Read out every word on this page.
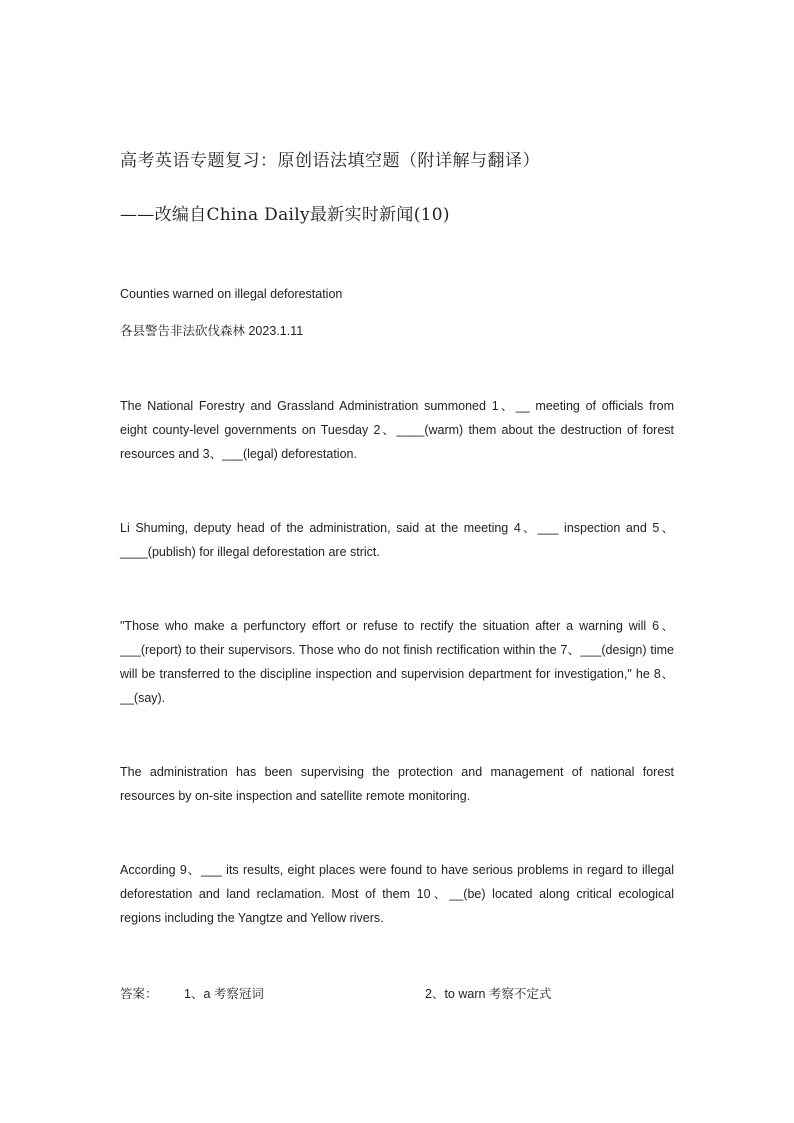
高考英语专题复习：原创语法填空题（附详解与翻译）
——改编自China Daily最新实时新闻(10)
Counties warned on illegal deforestation
各县警告非法砍伐森林 2023.1.11

The National Forestry and Grassland Administration summoned 1、__ meeting of officials from eight county-level governments on Tuesday 2、____(warm) them about the destruction of forest resources and 3、___(legal) deforestation.

Li Shuming, deputy head of the administration, said at the meeting 4、___ inspection and 5、____(publish) for illegal deforestation are strict.

"Those who make a perfunctory effort or refuse to rectify the situation after a warning will 6、___(report) to their supervisors. Those who do not finish rectification within the 7、___(design) time will be transferred to the discipline inspection and supervision department for investigation," he 8、__(say).

The administration has been supervising the protection and management of national forest resources by on-site inspection and satellite remote monitoring.

According 9、___ its results, eight places were found to have serious problems in regard to illegal deforestation and land reclamation. Most of them 10、__(be) located along critical ecological regions including the Yangtze and Yellow rivers.

答案： 1、a 考察冠词	2、to warn 考察不定式
